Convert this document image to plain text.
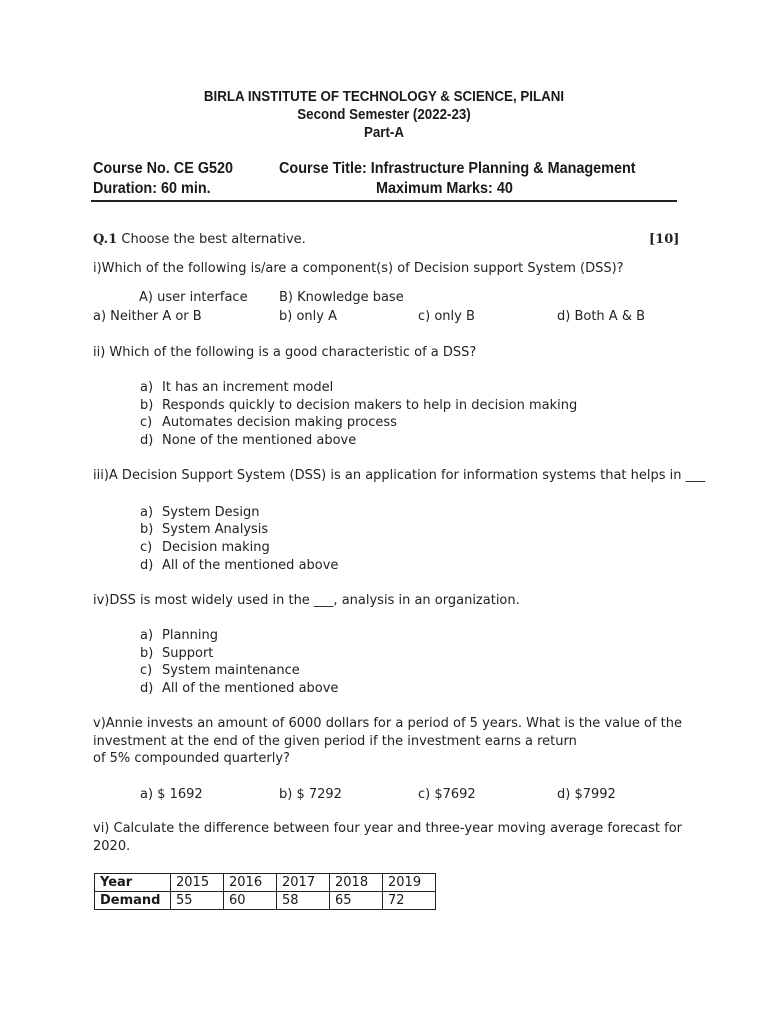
BIRLA INSTITUTE OF TECHNOLOGY & SCIENCE, PILANI
Second Semester (2022-23)
Part-A
Course No. CE G520	Course Title: Infrastructure Planning & Management
Duration: 60 min.	Maximum Marks: 40
Q.1 Choose the best alternative.	[10]
i)Which of the following is/are a component(s) of Decision support System (DSS)?
A) user interface B) Knowledge base
a) Neither A or B	b) only A	c) only B	d) Both A & B
ii) Which of the following is a good characteristic of a DSS?
a) It has an increment model
b) Responds quickly to decision makers to help in decision making
c) Automates decision making process
d) None of the mentioned above
iii)A Decision Support System (DSS) is an application for information systems that helps in ___
a) System Design
b) System Analysis
c) Decision making
d) All of the mentioned above
iv)DSS is most widely used in the ___, analysis in an organization.
a) Planning
b) Support
c) System maintenance
d) All of the mentioned above
v)Annie invests an amount of 6000 dollars for a period of 5 years. What is the value of the
investment at the end of the given period if the investment earns a return
of 5% compounded quarterly?
a) $ 1692	b) $ 7292	c) $7692	d) $7992
vi) Calculate the difference between four year and three-year moving average forecast for
2020.
Year	2015	2016	2017	2018	2019
Demand	55	60	58	65	72
